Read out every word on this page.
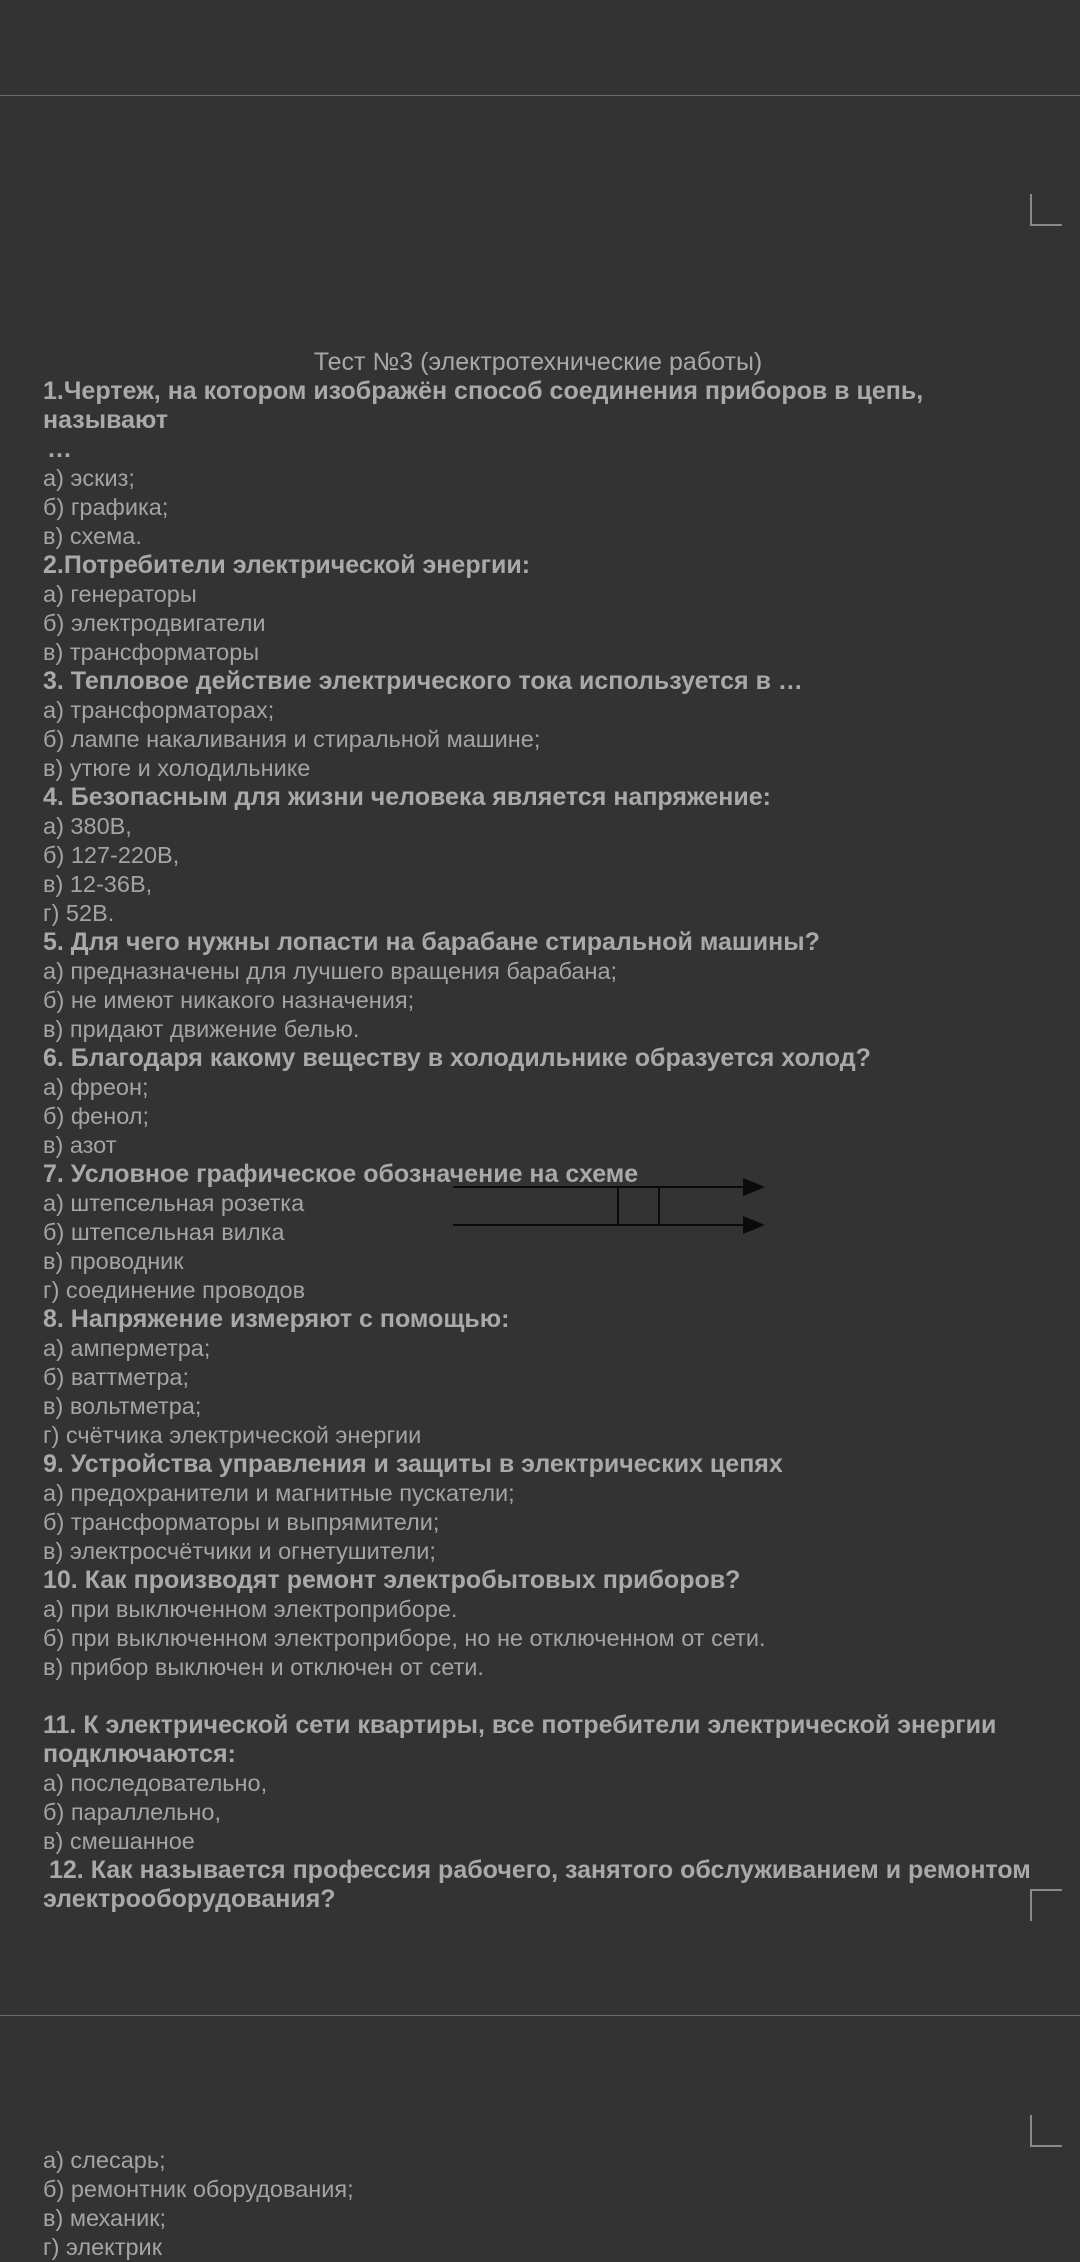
Тест №3 (электротехнические работы)
1.Чертеж, на котором изображён способ соединения приборов в цепь, называют
…
а) эскиз;
б) графика;
в) схема.
2.Потребители электрической энергии:
а) генераторы
б) электродвигатели
в) трансформаторы
3. Тепловое действие электрического тока используется в …
а) трансформаторах;
б) лампе накаливания и стиральной машине;
в) утюге и холодильнике
4. Безопасным для жизни человека является напряжение:
а) 380В,
б) 127-220В,
в) 12-36В,
г) 52В.
5. Для чего нужны лопасти на барабане стиральной машины?
а) предназначены для лучшего вращения барабана;
б) не имеют никакого назначения;
в) придают движение белью.
6. Благодаря какому веществу в холодильнике образуется холод?
а) фреон;
б) фенол;
в) азот
7. Условное графическое обозначение на схеме
а) штепсельная розетка
б) штепсельная вилка
в) проводник
г) соединение проводов
8. Напряжение измеряют с помощью:
а) амперметра;
б) ваттметра;
в) вольтметра;
г) счётчика электрической энергии
9. Устройства управления и защиты в электрических цепях
а) предохранители и магнитные пускатели;
б) трансформаторы и выпрямители;
в) электросчётчики и огнетушители;
10. Как производят ремонт электробытовых приборов?
а) при выключенном электроприборе.
б) при выключенном электроприборе, но не отключенном от сети.
в) прибор выключен и отключен от сети.
11. К электрической сети квартиры, все потребители электрической энергии
подключаются:
а) последовательно,
б) параллельно,
в) смешанное
12. Как называется профессия рабочего, занятого обслуживанием и ремонтом
электрооборудования?
а) слесарь;
б) ремонтник оборудования;
в) механик;
г) электрик
